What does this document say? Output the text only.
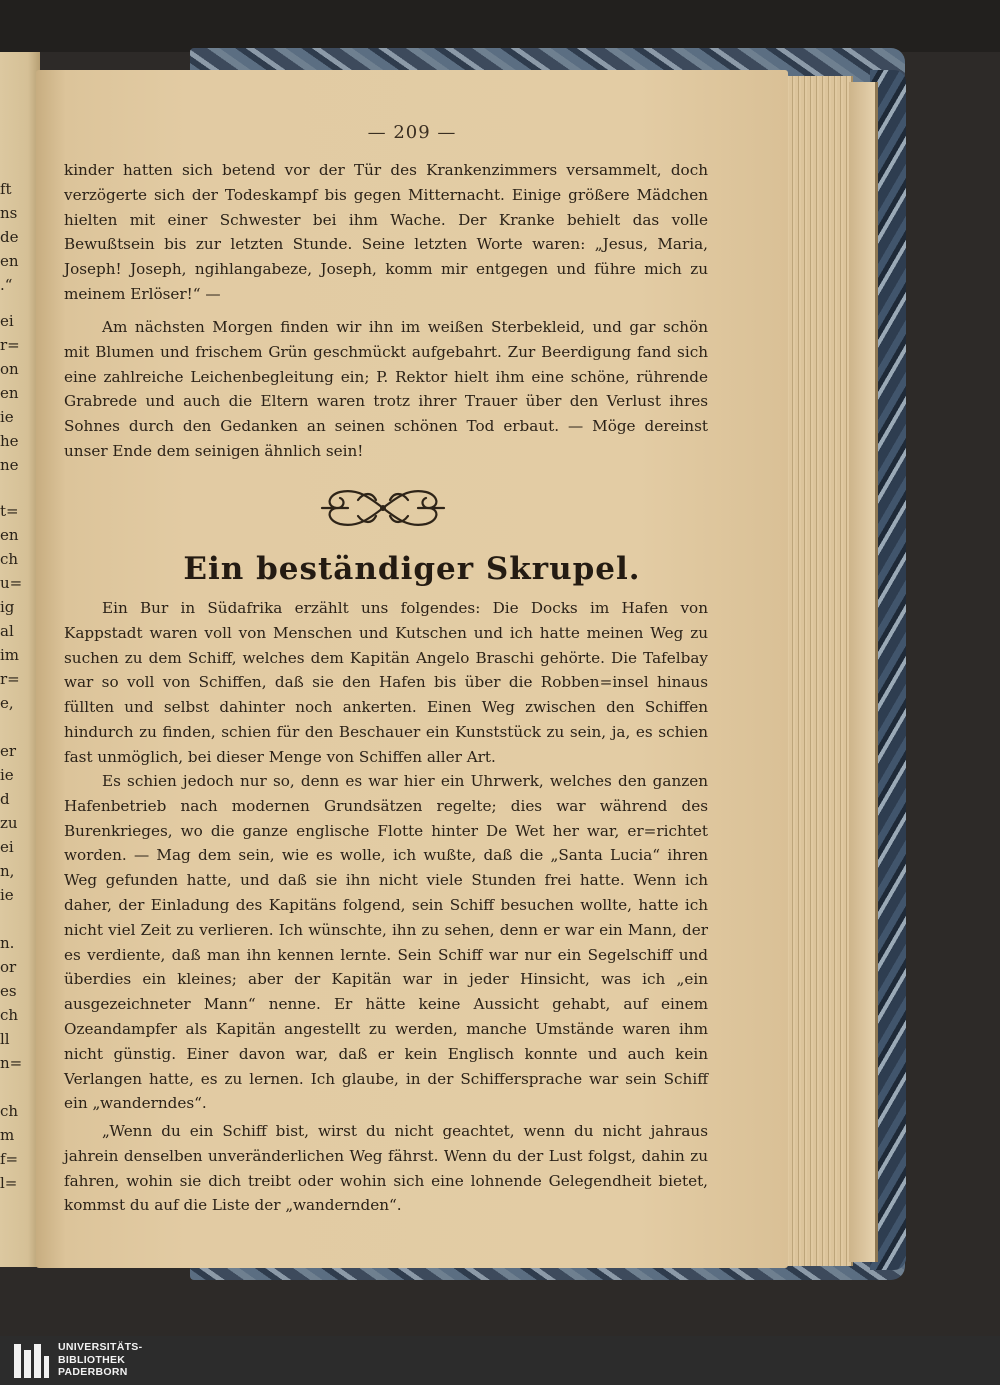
ft
ns
de
en
.“
ei
r=
on
en
ie
he
ne
t=
en
ch
u=
ig
al
im
r=
e,
er
ie
d
zu
ei
n,
ie
n.
or
es
ch
ll
n=
ch
m
f=
l=
— 209 —

kinder hatten sich betend vor der Tür des Krankenzimmers versammelt, doch verzögerte sich der Todeskampf bis gegen Mitternacht. Einige größere Mädchen hielten mit einer Schwester bei ihm Wache. Der Kranke behielt das volle Bewußtsein bis zur letzten Stunde. Seine letzten Worte waren: „Jesus, Maria, Joseph! Joseph, ngihlangabeze, Joseph, komm mir entgegen und führe mich zu meinem Erlöser!“ —

Am nächsten Morgen finden wir ihn im weißen Sterbekleid, und gar schön mit Blumen und frischem Grün geschmückt aufgebahrt. Zur Beerdigung fand sich eine zahlreiche Leichenbegleitung ein; P. Rektor hielt ihm eine schöne, rührende Grabrede und auch die Eltern waren trotz ihrer Trauer über den Verlust ihres Sohnes durch den Gedanken an seinen schönen Tod erbaut. — Möge dereinst unser Ende dem seinigen ähnlich sein!

Ein beständiger Skrupel.

Ein Bur in Südafrika erzählt uns folgendes: Die Docks im Hafen von Kappstadt waren voll von Menschen und Kutschen und ich hatte meinen Weg zu suchen zu dem Schiff, welches dem Kapitän Angelo Braschi gehörte. Die Tafelbay war so voll von Schiffen, daß sie den Hafen bis über die Robben=insel hinaus füllten und selbst dahinter noch ankerten. Einen Weg zwischen den Schiffen hindurch zu finden, schien für den Beschauer ein Kunststück zu sein, ja, es schien fast unmöglich, bei dieser Menge von Schiffen aller Art.

Es schien jedoch nur so, denn es war hier ein Uhrwerk, welches den ganzen Hafenbetrieb nach modernen Grundsätzen regelte; dies war während des Burenkrieges, wo die ganze englische Flotte hinter De Wet her war, er=richtet worden. — Mag dem sein, wie es wolle, ich wußte, daß die „Santa Lucia“ ihren Weg gefunden hatte, und daß sie ihn nicht viele Stunden frei hatte. Wenn ich daher, der Einladung des Kapitäns folgend, sein Schiff besuchen wollte, hatte ich nicht viel Zeit zu verlieren. Ich wünschte, ihn zu sehen, denn er war ein Mann, der es verdiente, daß man ihn kennen lernte. Sein Schiff war nur ein Segelschiff und überdies ein kleines; aber der Kapitän war in jeder Hinsicht, was ich „ein ausgezeichneter Mann“ nenne. Er hätte keine Aussicht gehabt, auf einem Ozeandampfer als Kapitän angestellt zu werden, manche Umstände waren ihm nicht günstig. Einer davon war, daß er kein Englisch konnte und auch kein Verlangen hatte, es zu lernen. Ich glaube, in der Schiffersprache war sein Schiff ein „wanderndes“.

„Wenn du ein Schiff bist, wirst du nicht geachtet, wenn du nicht jahraus jahrein denselben unveränderlichen Weg fährst. Wenn du der Lust folgst, dahin zu fahren, wohin sie dich treibt oder wohin sich eine lohnende Gelegendheit bietet, kommst du auf die Liste der „wandernden“.

UNIVERSITÄTS-
BIBLIOTHEK
PADERBORN
